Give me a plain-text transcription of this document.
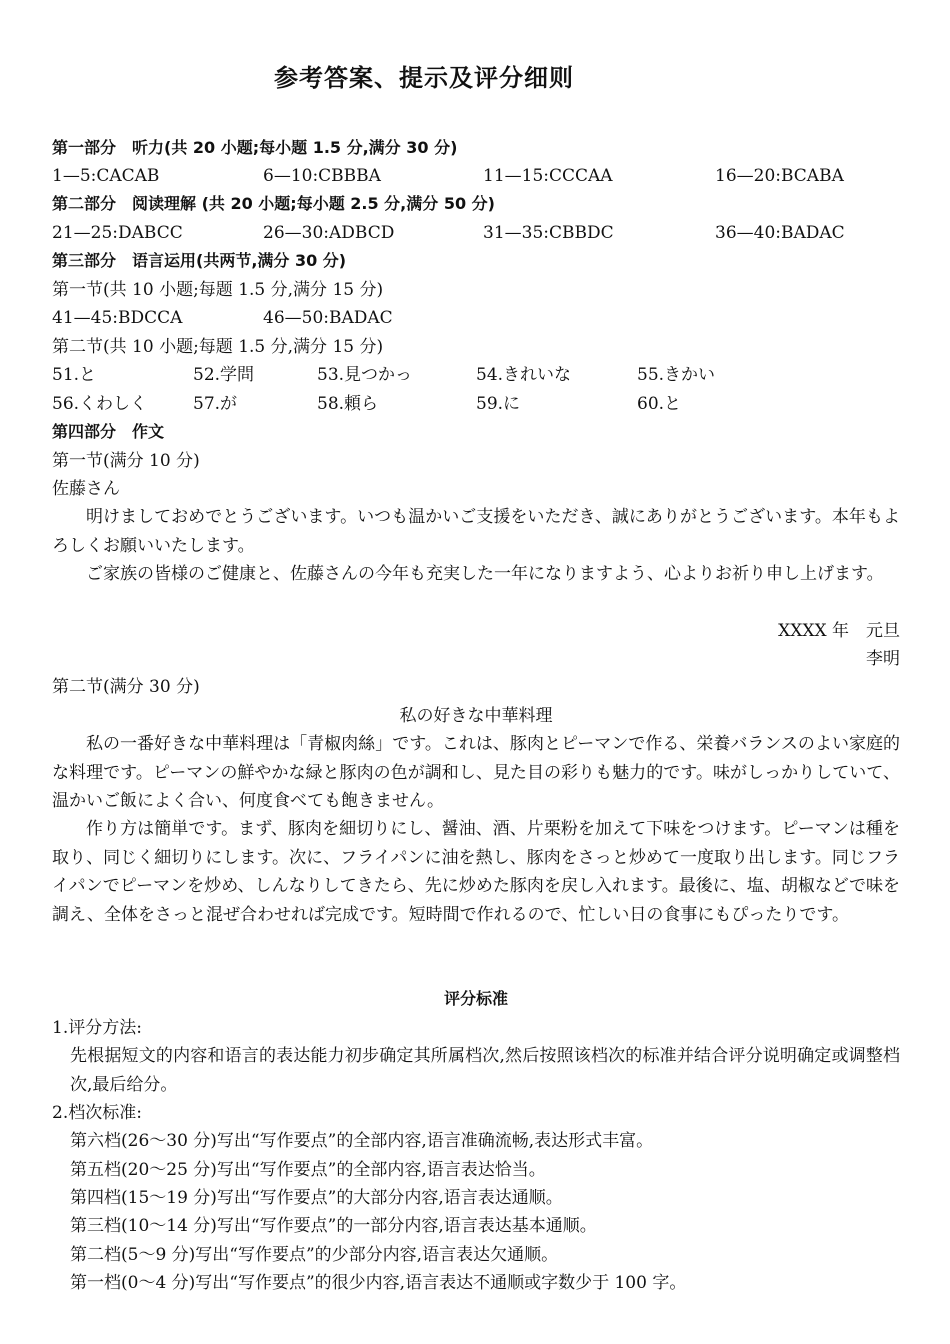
参考答案、提示及评分细则
第一部分　听力(共 20 小题;每小题 1.5 分,满分 30 分)
1—5:CACAB	6—10:CBBBA	11—15:CCCAA	16—20:BCABA
第二部分　阅读理解 (共 20 小题;每小题 2.5 分,满分 50 分)
21—25:DABCC	26—30:ADBCD	31—35:CBBDC	36—40:BADAC
第三部分　语言运用(共两节,满分 30 分)
第一节(共 10 小题;每题 1.5 分,满分 15 分)
41—45:BDCCA	46—50:BADAC
第二节(共 10 小题;每题 1.5 分,满分 15 分)
51.と	52.学問	53.見つかっ	54.きれいな	55.きかい
56.くわしく	57.が	58.頼ら	59.に	60.と
第四部分　作文
第一节(满分 10 分)
佐藤さん
明けましておめでとうございます。いつも温かいご支援をいただき、誠にありがとうございます。本年もよろしくお願いいたします。
ご家族の皆様のご健康と、佐藤さんの今年も充実した一年になりますよう、心よりお祈り申し上げます。
XXXX 年　元旦
李明
第二节(满分 30 分)
私の好きな中華料理
私の一番好きな中華料理は「青椒肉絲」です。これは、豚肉とピーマンで作る、栄養バランスのよい家庭的な料理です。ピーマンの鮮やかな緑と豚肉の色が調和し、見た目の彩りも魅力的です。味がしっかりしていて、温かいご飯によく合い、何度食べても飽きません。
作り方は簡単です。まず、豚肉を細切りにし、醤油、酒、片栗粉を加えて下味をつけます。ピーマンは種を取り、同じく細切りにします。次に、フライパンに油を熱し、豚肉をさっと炒めて一度取り出します。同じフライパンでピーマンを炒め、しんなりしてきたら、先に炒めた豚肉を戻し入れます。最後に、塩、胡椒などで味を調え、全体をさっと混ぜ合わせれば完成です。短時間で作れるので、忙しい日の食事にもぴったりです。
评分标准
1.评分方法:
先根据短文的内容和语言的表达能力初步确定其所属档次,然后按照该档次的标准并结合评分说明确定或调整档次,最后给分。
2.档次标准:
第六档(26～30 分)写出“写作要点”的全部内容,语言准确流畅,表达形式丰富。
第五档(20～25 分)写出“写作要点”的全部内容,语言表达恰当。
第四档(15～19 分)写出“写作要点”的大部分内容,语言表达通顺。
第三档(10～14 分)写出“写作要点”的一部分内容,语言表达基本通顺。
第二档(5～9 分)写出“写作要点”的少部分内容,语言表达欠通顺。
第一档(0～4 分)写出“写作要点”的很少内容,语言表达不通顺或字数少于 100 字。
